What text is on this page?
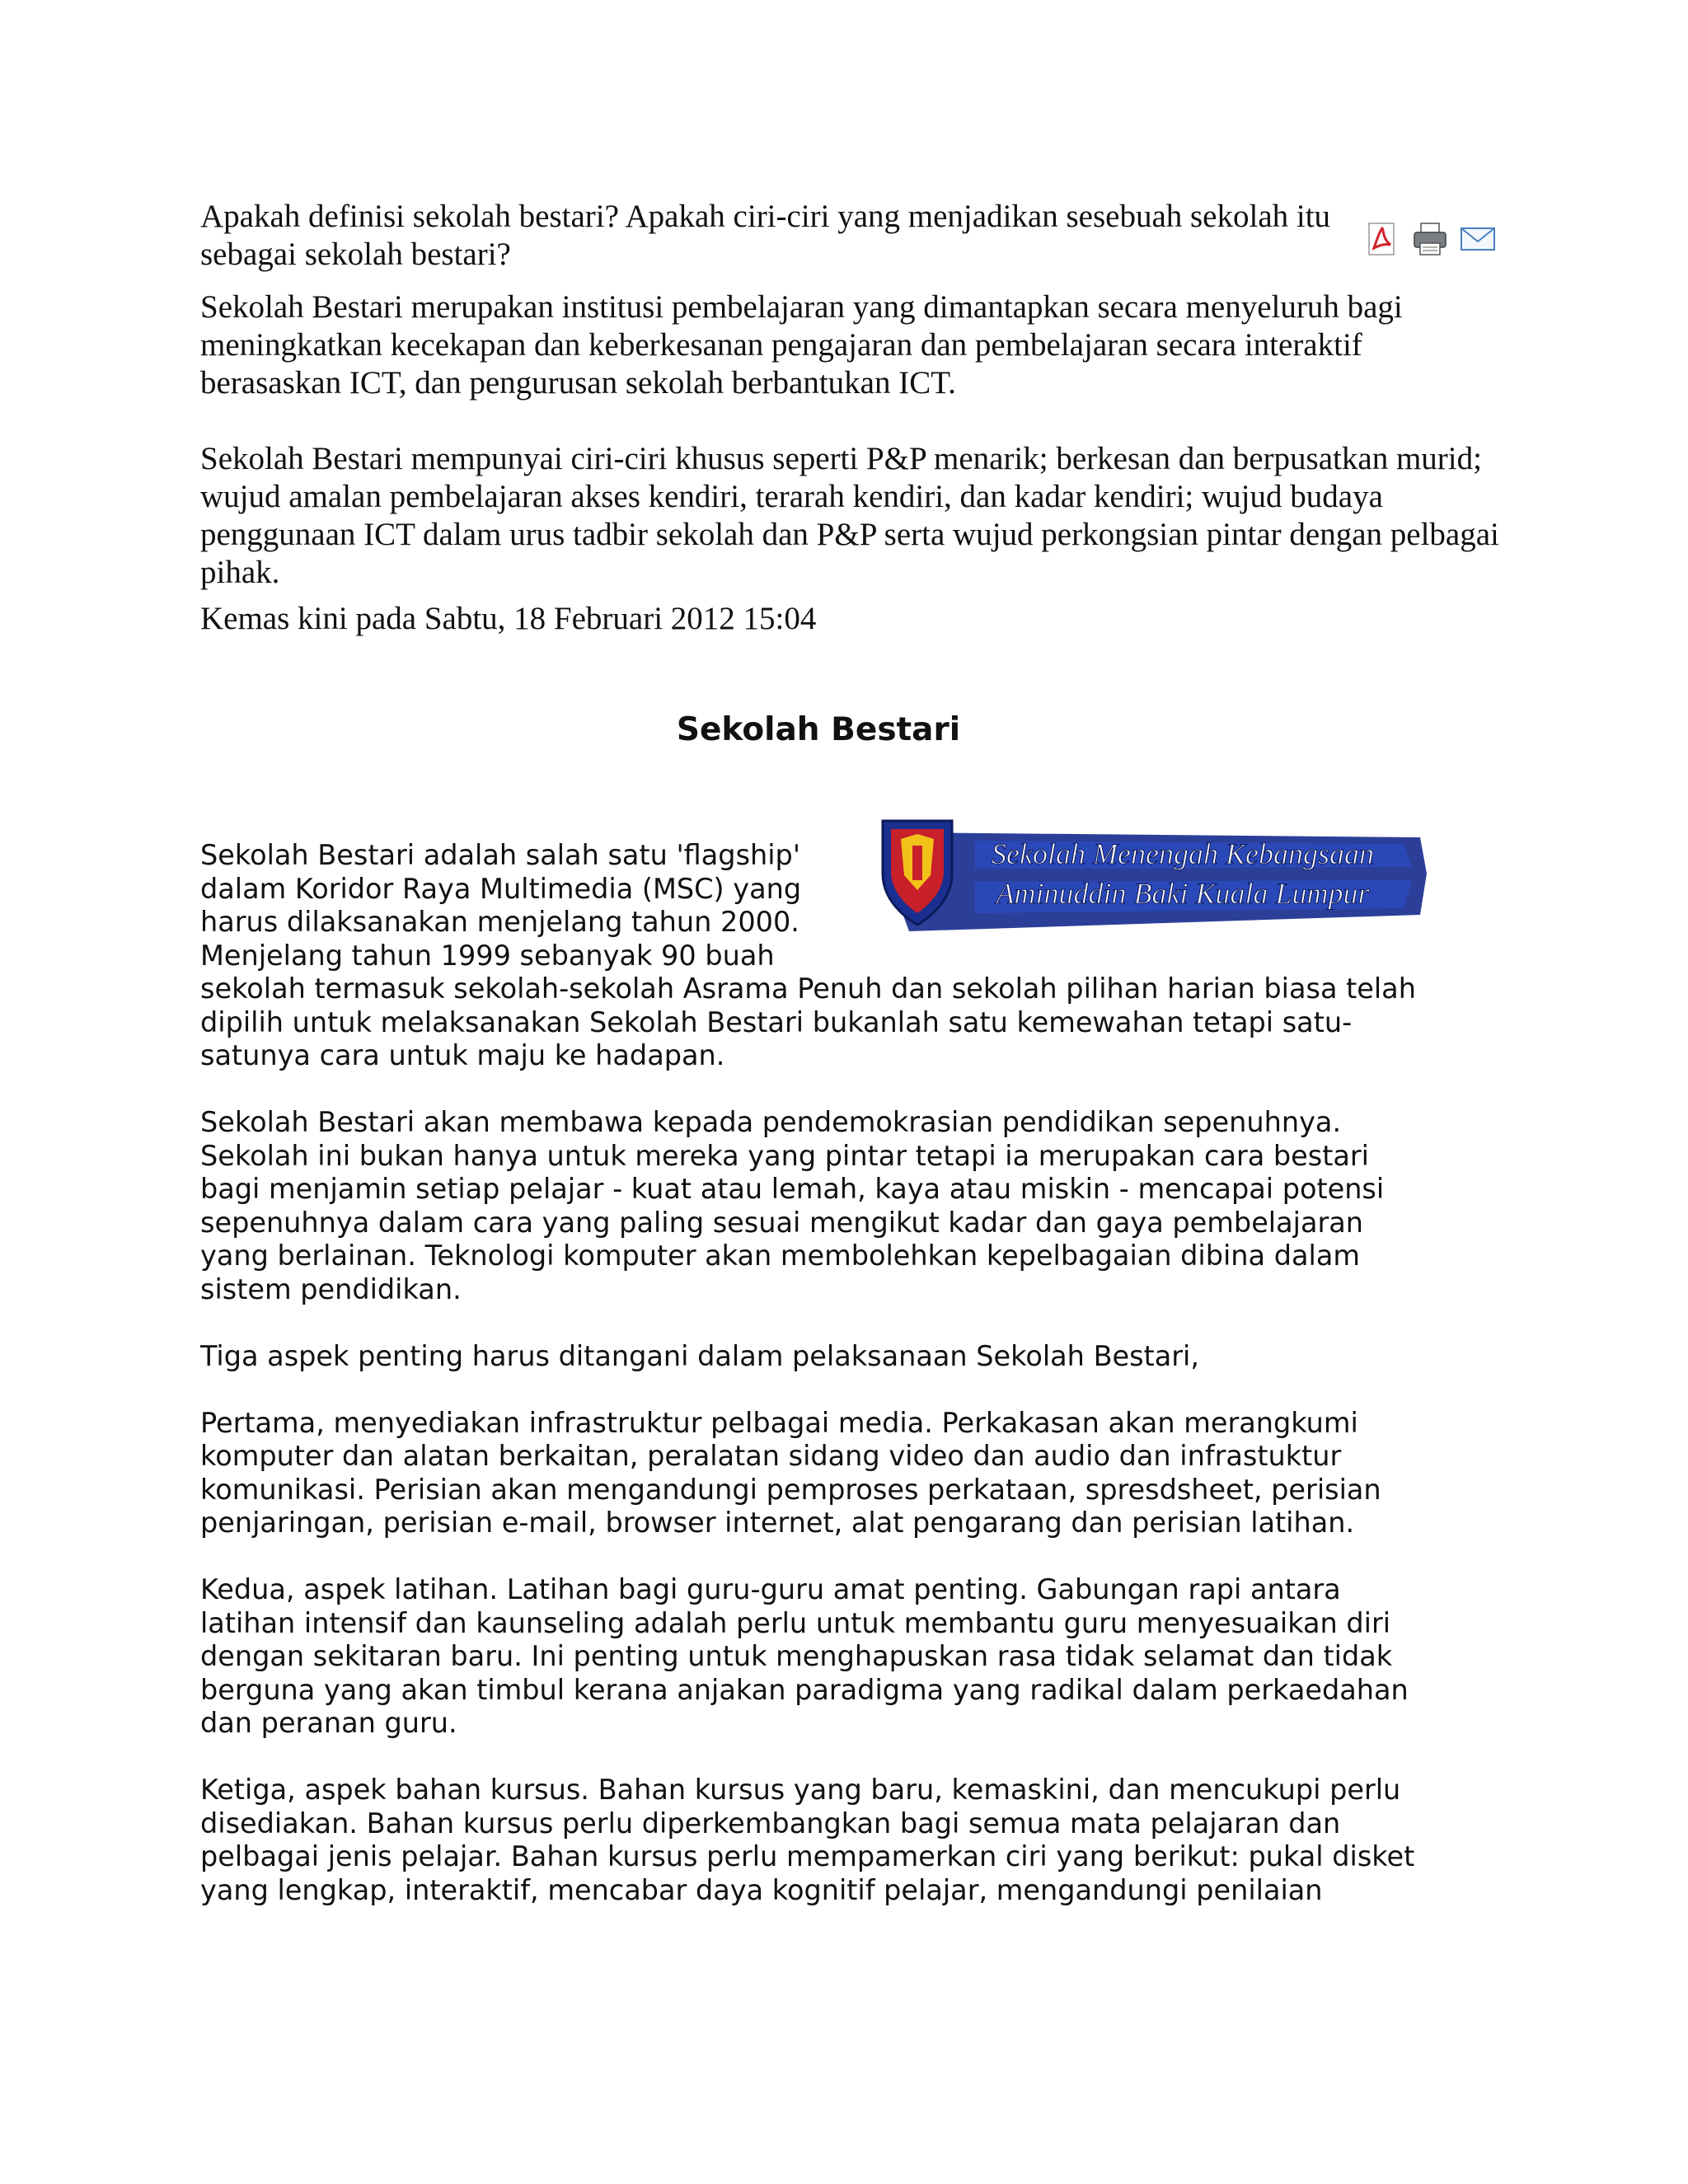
Apakah definisi sekolah bestari? Apakah ciri-ciri yang menjadikan sesebuah sekolah itu sebagai sekolah bestari?

Sekolah Bestari merupakan institusi pembelajaran yang dimantapkan secara menyeluruh bagi meningkatkan kecekapan dan keberkesanan pengajaran dan pembelajaran secara interaktif berasaskan ICT, dan pengurusan sekolah berbantukan ICT.

Sekolah Bestari mempunyai ciri-ciri khusus seperti P&P menarik; berkesan dan berpusatkan murid; wujud amalan pembelajaran akses kendiri, terarah kendiri, dan kadar kendiri; wujud budaya penggunaan ICT dalam urus tadbir sekolah dan P&P serta wujud perkongsian pintar dengan pelbagai pihak.

Kemas kini pada Sabtu, 18 Februari 2012 15:04
Sekolah Bestari
Sekolah Menengah Kebangsaan
Aminuddin Baki Kuala Lumpur

Sekolah Bestari adalah salah satu 'flagship' dalam Koridor Raya Multimedia (MSC) yang harus dilaksanakan menjelang tahun 2000. Menjelang tahun 1999 sebanyak 90 buah sekolah termasuk sekolah-sekolah Asrama Penuh dan sekolah pilihan harian biasa telah dipilih untuk melaksanakan Sekolah Bestari bukanlah satu kemewahan tetapi satu-satunya cara untuk maju ke hadapan.

Sekolah Bestari akan membawa kepada pendemokrasian pendidikan sepenuhnya. Sekolah ini bukan hanya untuk mereka yang pintar tetapi ia merupakan cara bestari bagi menjamin setiap pelajar - kuat atau lemah, kaya atau miskin - mencapai potensi sepenuhnya dalam cara yang paling sesuai mengikut kadar dan gaya pembelajaran yang berlainan. Teknologi komputer akan membolehkan kepelbagaian dibina dalam sistem pendidikan.

Tiga aspek penting harus ditangani dalam pelaksanaan Sekolah Bestari,

Pertama, menyediakan infrastruktur pelbagai media. Perkakasan akan merangkumi komputer dan alatan berkaitan, peralatan sidang video dan audio dan infrastuktur komunikasi. Perisian akan mengandungi pemproses perkataan, spresdsheet, perisian penjaringan, perisian e-mail, browser internet, alat pengarang dan perisian latihan.

Kedua, aspek latihan. Latihan bagi guru-guru amat penting. Gabungan rapi antara latihan intensif dan kaunseling adalah perlu untuk membantu guru menyesuaikan diri dengan sekitaran baru. Ini penting untuk menghapuskan rasa tidak selamat dan tidak berguna yang akan timbul kerana anjakan paradigma yang radikal dalam perkaedahan dan peranan guru.

Ketiga, aspek bahan kursus. Bahan kursus yang baru, kemaskini, dan mencukupi perlu disediakan. Bahan kursus perlu diperkembangkan bagi semua mata pelajaran dan pelbagai jenis pelajar. Bahan kursus perlu mempamerkan ciri yang berikut: pukal disket yang lengkap, interaktif, mencabar daya kognitif pelajar, mengandungi penilaian
